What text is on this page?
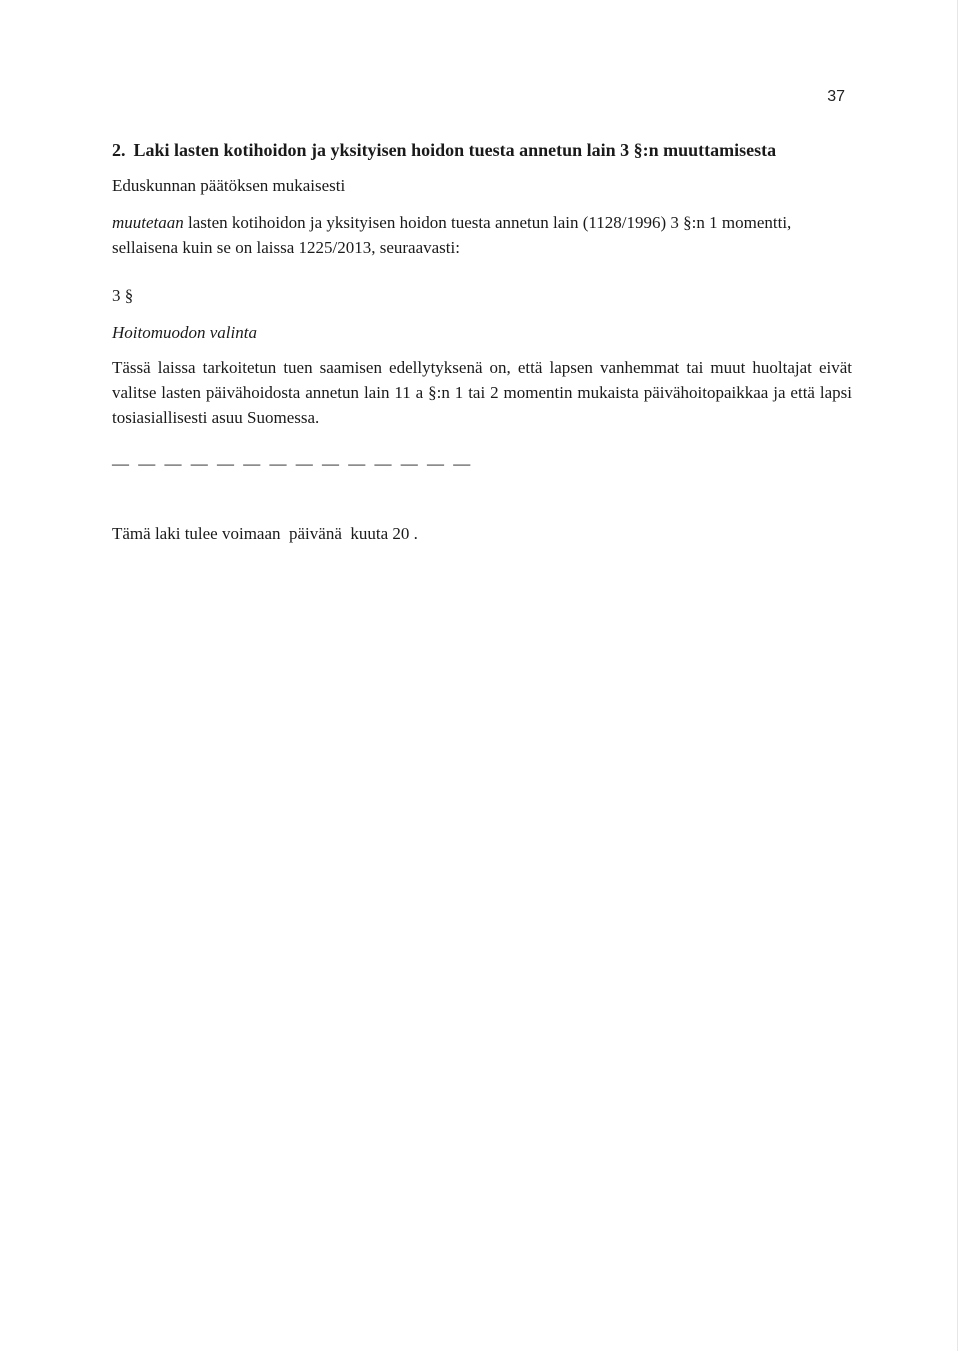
37
2. Laki lasten kotihoidon ja yksityisen hoidon tuesta annetun lain 3 §:n muuttamisesta

Eduskunnan päätöksen mukaisesti

muutetaan lasten kotihoidon ja yksityisen hoidon tuesta annetun lain (1128/1996) 3 §:n 1 momentti, sellaisena kuin se on laissa 1225/2013, seuraavasti:

3 §
Hoitomuodon valinta

Tässä laissa tarkoitetun tuen saamisen edellytyksenä on, että lapsen vanhemmat tai muut huoltajat eivät valitse lasten päivähoidosta annetun lain 11 a §:n 1 tai 2 momentin mukaista päivähoitopaikkaa ja että lapsi tosiasiallisesti asuu Suomessa.

— — — — — — — — — — — — — —
Tämä laki tulee voimaan  päivänä  kuuta 20 .
